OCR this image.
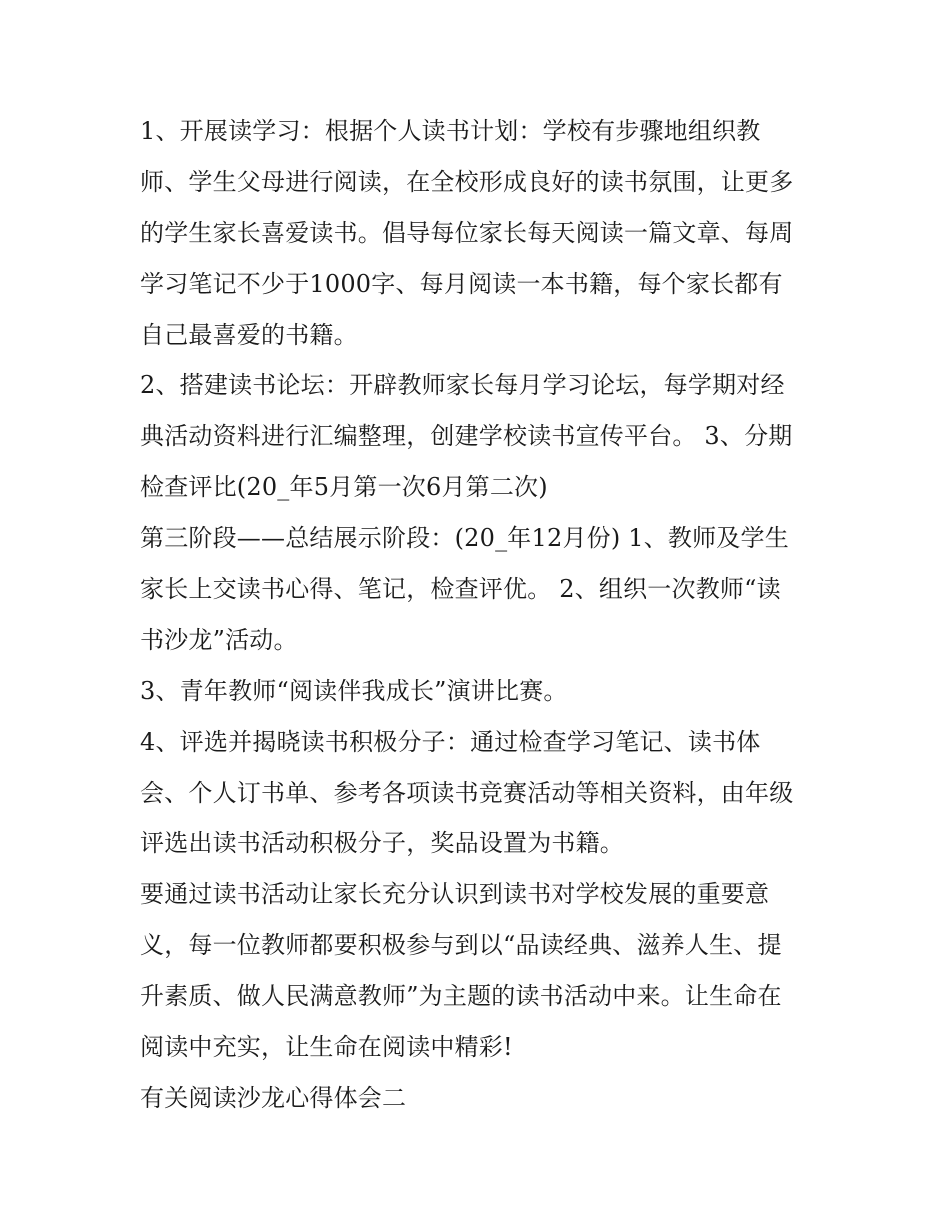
1、开展读学习：根据个人读书计划：学校有步骤地组织教
师、学生父母进行阅读，在全校形成良好的读书氛围，让更多
的学生家长喜爱读书。倡导每位家长每天阅读一篇文章、每周
学习笔记不少于1000字、每月阅读一本书籍，每个家长都有
自己最喜爱的书籍。
2、搭建读书论坛：开辟教师家长每月学习论坛，每学期对经
典活动资料进行汇编整理，创建学校读书宣传平台。 3、分期
检查评比(20_年5月第一次6月第二次)
第三阶段——总结展示阶段：(20_年12月份) 1、教师及学生
家长上交读书心得、笔记，检查评优。 2、组织一次教师“读
书沙龙”活动。
3、青年教师“阅读伴我成长”演讲比赛。
4、评选并揭晓读书积极分子：通过检查学习笔记、读书体
会、个人订书单、参考各项读书竞赛活动等相关资料，由年级
评选出读书活动积极分子，奖品设置为书籍。
要通过读书活动让家长充分认识到读书对学校发展的重要意
义，每一位教师都要积极参与到以“品读经典、滋养人生、提
升素质、做人民满意教师”为主题的读书活动中来。让生命在
阅读中充实，让生命在阅读中精彩!
有关阅读沙龙心得体会二
